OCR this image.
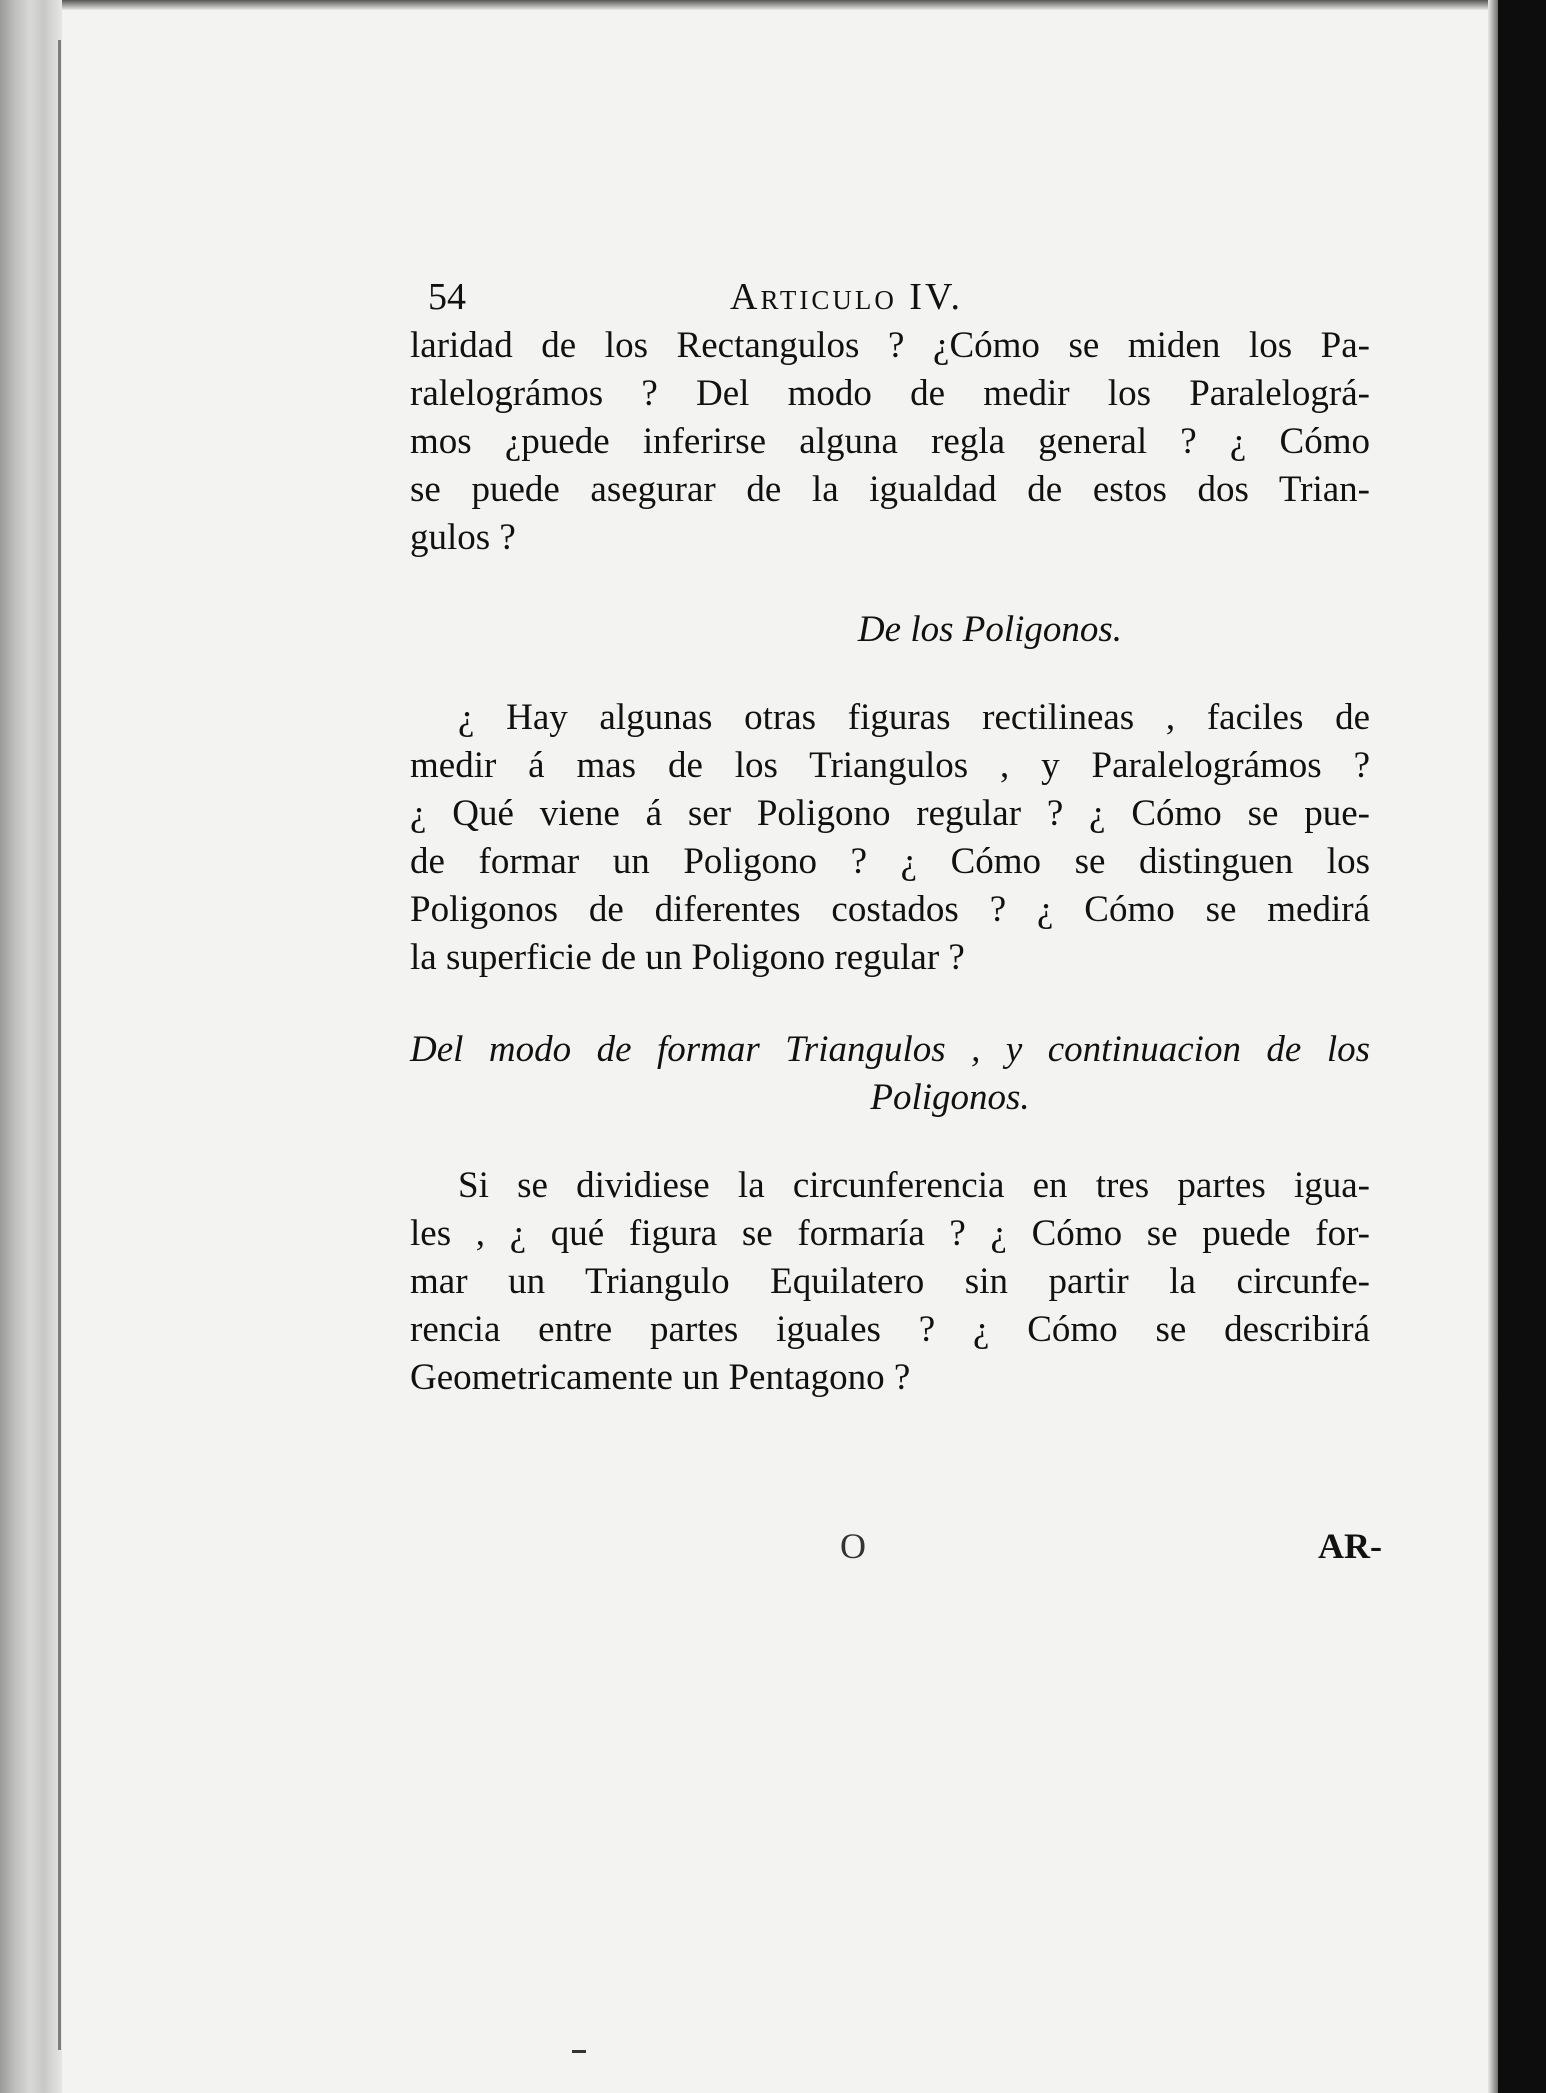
54	Articulo IV.
laridad de los Rectangulos ? ¿Cómo se miden los Pa-
ralelográmos ? Del modo de medir los Paralelográ-
mos ¿puede inferirse alguna regla general ? ¿ Cómo
se puede asegurar de la igualdad de estos dos Trian-
gulos ?

De los Poligonos.

¿ Hay algunas otras figuras rectilineas , faciles de
medir á mas de los Triangulos , y Paralelográmos ?
¿ Qué viene á ser Poligono regular ? ¿ Cómo se pue-
de formar un Poligono ? ¿ Cómo se distinguen los
Poligonos de diferentes costados ? ¿ Cómo se medirá
la superficie de un Poligono regular ?
Del modo de formar Triangulos , y continuacion de los

Poligonos.

Si se dividiese la circunferencia en tres partes igua-
les , ¿ qué figura se formaría ? ¿ Cómo se puede for-
mar un Triangulo Equilatero sin partir la circunfe-
rencia entre partes iguales ? ¿ Cómo se describirá
Geometricamente un Pentagono ?
O	AR-
